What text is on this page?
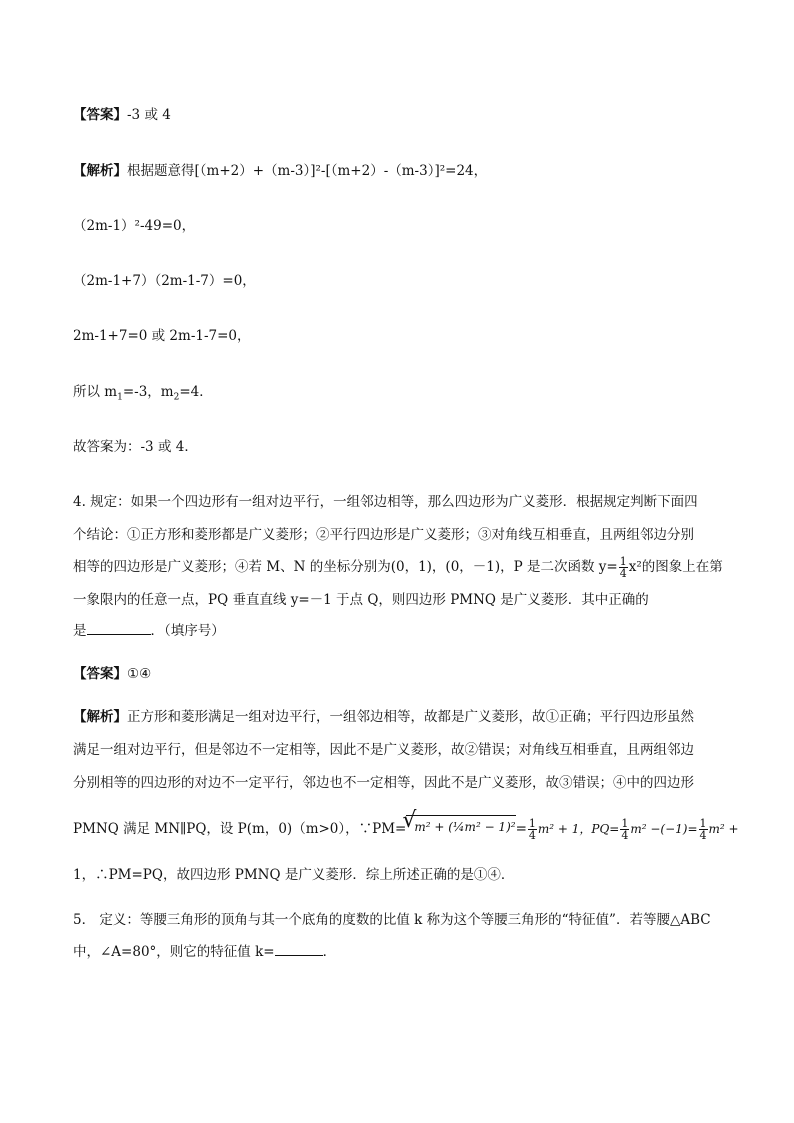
【答案】-3 或 4
【解析】根据题意得[（m+2）+（m-3）]²-[（m+2）-（m-3）]²=24，
（2m-1）²-49=0，
（2m-1+7）（2m-1-7）=0，
2m-1+7=0 或 2m-1-7=0，
所以 $m_1=-3$，$m_2=4$．
故答案为：-3 或 4．
4. 规定：如果一个四边形有一组对边平行，一组邻边相等，那么四边形为广义菱形．根据规定判断下面四
个结论：①正方形和菱形都是广义菱形；②平行四边形是广义菱形；③对角线互相垂直，且两组邻边分别
相等的四边形是广义菱形；④若 M、N 的坐标分别为(0，1)，(0，－1)，P 是二次函数 $y= \frac{1}{4} x^2$的图象上在第
一象限内的任意一点，PQ 垂直直线 y=－1 于点 Q，则四边形 PMNQ 是广义菱形．其中正确的
是	．（填序号）
【答案】①④
【解析】正方形和菱形满足一组对边平行，一组邻边相等，故都是广义菱形，故①正确；平行四边形虽然
满足一组对边平行，但是邻边不一定相等，因此不是广义菱形，故②错误；对角线互相垂直，且两组邻边
分别相等的四边形的对边不一定平行，邻边也不一定相等，因此不是广义菱形，故③错误；④中的四边形
PMNQ 满足 MN∥PQ，设 P(m，0)（m>0），∵PM=√ m² + (¼m² − $1)^2= \frac{1}{4} m^2 + 1$，$PQ= \frac{1}{4} m^2 -(-1)= \frac{1}{4} m^2$ +
1，∴PM=PQ，故四边形 PMNQ 是广义菱形．综上所述正确的是①④．
5． 定义：等腰三角形的顶角与其一个底角的度数的比值 k 称为这个等腰三角形的“特征值”．若等腰△ABC
中，∠A=80°，则它的特征值 k=	．
